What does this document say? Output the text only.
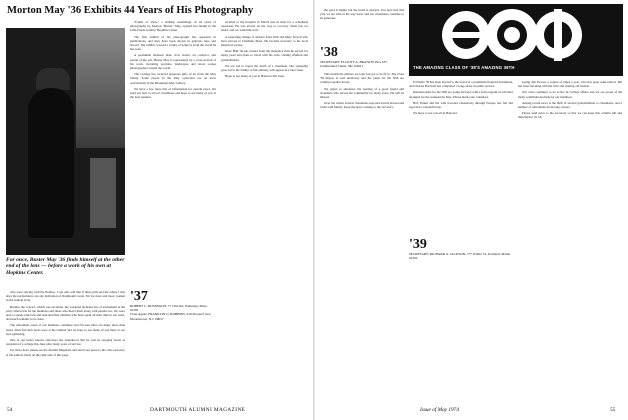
Morton May '36 Exhibits 44 Years of His Photography
For once, Buster May '36 finds himself at the other end of the lens — before a work of his own at Hopkins Center.

who were staying with the Baylies. I can only add that if these girls and the others I met after the performance are any indication of Dartmouth coeds, I'm for more and more women in the student body.

Besides the concert, which was excellent, the weekend included lots of excitement at the party afterwards for the members and those who heard them along with parents too. We were able to speak with Jack and Ann and their children who have spent all their time in our town, and much remains to be done.

The retirement roster of our members continues and I'm sure there are many more than listed. Dick and Ann Jacks were at the reunion and we hope to see many of you there at our next gathering.

One of our better known educators has announced that he will be stepping down as president of a college this June after many years of service.

For more news please see the Alumni Magazine and send your notes to the class secretary at the address listed on the right side of this page.

"Points of View," a striking assemblage of 44 years of photography by Morton "Buster" May, opened last month in the Jaffe-Friede Gallery, Hopkins Center.

The first exhibit of his photographs has appeared in publications, and they have been shown in galleries here and abroad. The exhibit covered a variety of subjects from the world he has seen.

A prominent business man, civic leader, art collector, and patron of the arts, Buster May is represented by a cross-section of his work, including portraits, landscapes and street scenes photographed around the world.

The College has received generous gifts of art from the May family. Some pieces in the May collection are on view concurrently in the Beaumont-May Gallery.

We have a few more bits of information for current news. We send our best to all our classmates and hope to see many of you at the next reunion.

'37
ROBERT C. ROSSBACH, 77 Cilla Rd, Wellesley, Mass. 02181
Class Agent: FRANKLIN G. ROBBINS, 619 Prospect Ave, Moorestown, N.J. 08057

recalled to the hospital in March just in time for a scheduled operation. He was slowly on the way to recovery when last we heard, and we wish him well.

A surprising change of address from Walt and Mary Powell who have moved to Chatham, Mass. He became secretary to his local historical society.

Dave Hall '36 has retired from the insurance firm he served for many years and plans to travel with his wife, visiting children and grandchildren.

We are sad to report the death of a classmate. Our sympathy goes out to the family. A full obituary will appear in a later issue.

Hope to see many of you at Hanover this June.

54	DARTMOUTH ALUMNI MAGAZINE

the gold is higher but the trend is upward. You note that this year we are still on the way back, and our classmates continue to be generous.

'38
SECRETARY: ELLIOTT A. BRANCH, Box 187, Cumberland Center, Me. 04021

This month the authors are topic but got to be fit in. The Class '38 Report is well underway and the plans for the 36th are coming together nicely.

We regret to announce the passing of a good friend and classmate who served his community for many years. He will be missed.

Over the winter several classmates reported travels abroad and visits with family. Keep the news coming to the secretary.

THE AMAZING CLASS OF '38'S AMAZING 36TH

Ed Wells '38 has been elected to the board of a prominent financial institution, and Charles Hartwell has completed a long career in public service.

Reunion plans for the 36th are going forward, with a full program of activities arranged for the weekend in June. Please mark your calendars.

Bob Parker and his wife traveled extensively through Europe last fall and reported a wonderful trip.

We hope to see you all in Hanover.

'39
SECRETARY: RICHARD A. JACKSON, 777 Wilder St., Portland, Maine 04102

seeing Jim Powers a couple of times a year, who has gone semi-retired. Jim has been traveling with his wife and visiting old friends.

Our class continues to be active in College affairs and we are proud of the many contributions made by our members.

Among recent news is the birth of several grandchildren to classmates, and a number of retirements from long careers.

Please send news to the secretary so that we can keep this column full and informative for all.

Issue of May 1974	55
